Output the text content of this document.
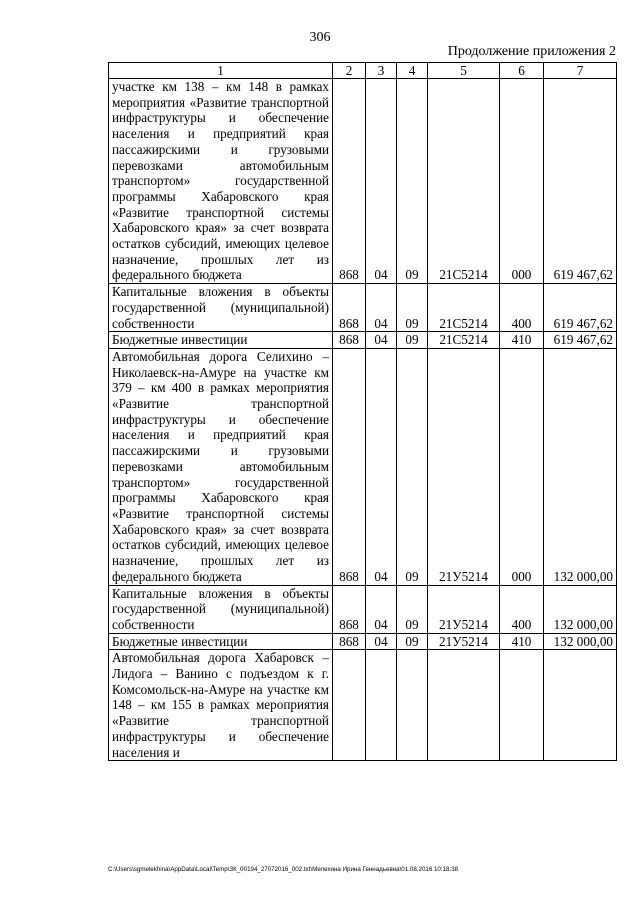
306
Продолжение приложения 2
1	2	3	4	5	6	7
участке км 138 – км 148 в рамках мероприятия «Развитие транспортной инфраструктуры и обеспечение населения и предприятий края пассажирскими и грузовыми перевозками автомобильным транспортом» государственной программы Хабаровского края «Развитие транспортной системы Хабаровского края» за счет возврата остатков субсидий, имеющих целевое назначение, прошлых лет из федерального бюджета	868	04	09	21С5214	000	619 467,62
Капитальные вложения в объекты государственной (муниципальной) собственности	868	04	09	21С5214	400	619 467,62
Бюджетные инвестиции	868	04	09	21С5214	410	619 467,62
Автомобильная дорога Селихино – Николаевск-на-Амуре на участке км 379 – км 400 в рамках мероприятия «Развитие транспортной инфраструктуры и обеспечение населения и предприятий края пассажирскими и грузовыми перевозками автомобильным транспортом» государственной программы Хабаровского края «Развитие транспортной системы Хабаровского края» за счет возврата остатков субсидий, имеющих целевое назначение, прошлых лет из федерального бюджета	868	04	09	21У5214	000	132 000,00
Капитальные вложения в объекты государственной (муниципальной) собственности	868	04	09	21У5214	400	132 000,00
Бюджетные инвестиции	868	04	09	21У5214	410	132 000,00
Автомобильная дорога Хабаровск – Лидога – Ванино с подъездом к г. Комсомольск-на-Амуре на участке км 148 – км 155 в рамках мероприятия «Развитие транспортной инфраструктуры и обеспечение населения и						
C:\Users\sgmelekhina\AppData\Local\Temp\ЗК_00194_27072016_002.txt\Мелехина Ирина Геннадьевна\01.08.2016 10:18:38
